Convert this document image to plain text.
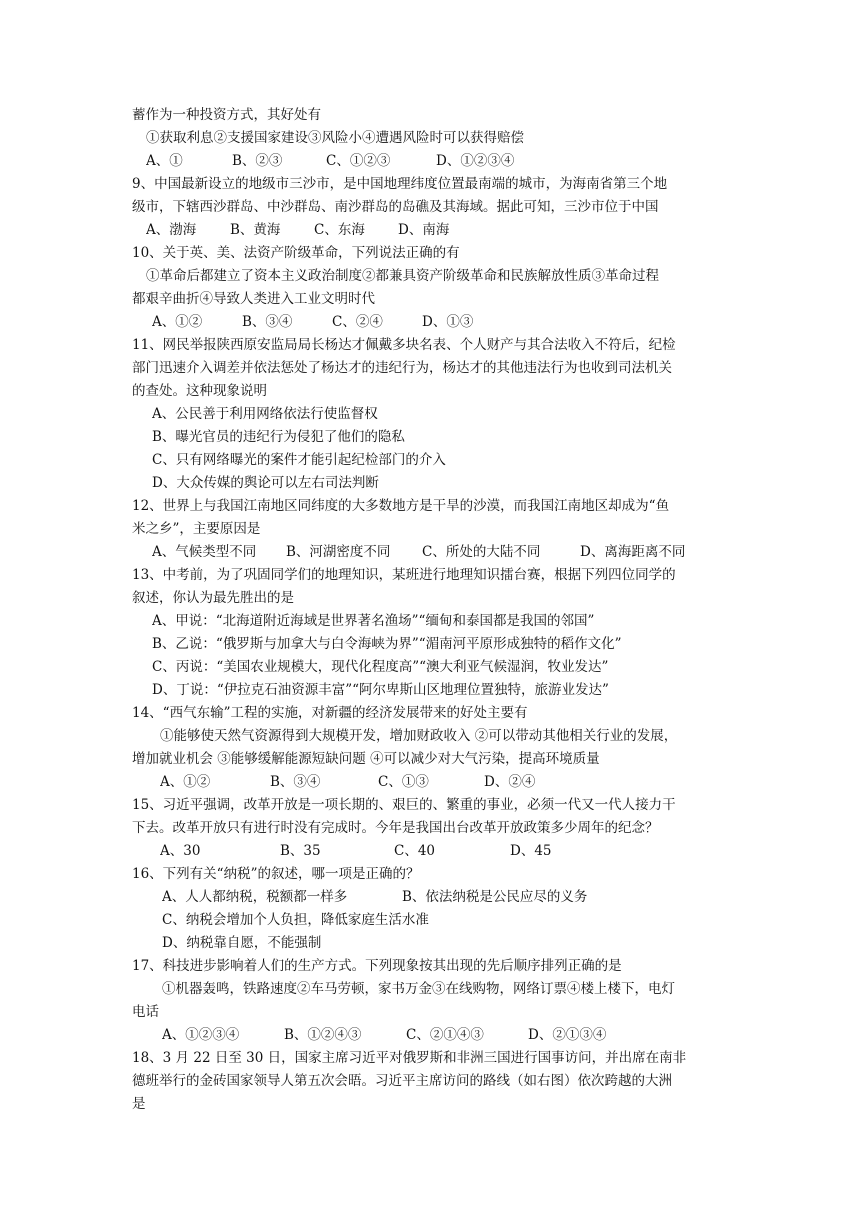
蓄作为一种投资方式，其好处有
①获取利息②支援国家建设③风险小④遭遇风险时可以获得赔偿
A、①	B、②③	C、①②③	D、①②③④
9、中国最新设立的地级市三沙市，是中国地理纬度位置最南端的城市，为海南省第三个地
级市，下辖西沙群岛、中沙群岛、南沙群岛的岛礁及其海域。据此可知，三沙市位于中国
A、渤海	B、黄海	C、东海	D、南海
10、关于英、美、法资产阶级革命，下列说法正确的有
①革命后都建立了资本主义政治制度②都兼具资产阶级革命和民族解放性质③革命过程
都艰辛曲折④导致人类进入工业文明时代
A、①②	B、③④	C、②④	D、①③
11、网民举报陕西原安监局局长杨达才佩戴多块名表、个人财产与其合法收入不符后，纪检
部门迅速介入调差并依法惩处了杨达才的违纪行为，杨达才的其他违法行为也收到司法机关
的查处。这种现象说明
A、公民善于利用网络依法行使监督权
B、曝光官员的违纪行为侵犯了他们的隐私
C、只有网络曝光的案件才能引起纪检部门的介入
D、大众传媒的舆论可以左右司法判断
12、世界上与我国江南地区同纬度的大多数地方是干旱的沙漠，而我国江南地区却成为“鱼
米之乡”，主要原因是
A、气候类型不同	B、河湖密度不同	C、所处的大陆不同	D、离海距离不同
13、中考前，为了巩固同学们的地理知识，某班进行地理知识擂台赛，根据下列四位同学的
叙述，你认为最先胜出的是
A、甲说：“北海道附近海域是世界著名渔场”“缅甸和泰国都是我国的邻国”
B、乙说：“俄罗斯与加拿大与白令海峡为界”“湄南河平原形成独特的稻作文化”
C、丙说：“美国农业规模大，现代化程度高”“澳大利亚气候湿润，牧业发达”
D、丁说：“伊拉克石油资源丰富”“阿尔卑斯山区地理位置独特，旅游业发达”
14、“西气东输”工程的实施，对新疆的经济发展带来的好处主要有
①能够使天然气资源得到大规模开发，增加财政收入 ②可以带动其他相关行业的发展，
增加就业机会 ③能够缓解能源短缺问题 ④可以减少对大气污染，提高环境质量
A、①②	B、③④	C、①③	D、②④
15、习近平强调，改革开放是一项长期的、艰巨的、繁重的事业，必须一代又一代人接力干
下去。改革开放只有进行时没有完成时。今年是我国出台改革开放政策多少周年的纪念？
A、30	B、35	C、40	D、45
16、下列有关“纳税”的叙述，哪一项是正确的？
A、人人都纳税，税额都一样多	B、依法纳税是公民应尽的义务
C、纳税会增加个人负担，降低家庭生活水准
D、纳税靠自愿，不能强制
17、科技进步影响着人们的生产方式。下列现象按其出现的先后顺序排列正确的是
①机器轰鸣，铁路速度②车马劳顿，家书万金③在线购物，网络订票④楼上楼下，电灯
电话
A、①②③④	B、①②④③	C、②①④③	D、②①③④
18、3 月 22 日至 30 日，国家主席习近平对俄罗斯和非洲三国进行国事访问，并出席在南非
德班举行的金砖国家领导人第五次会晤。习近平主席访问的路线（如右图）依次跨越的大洲
是
